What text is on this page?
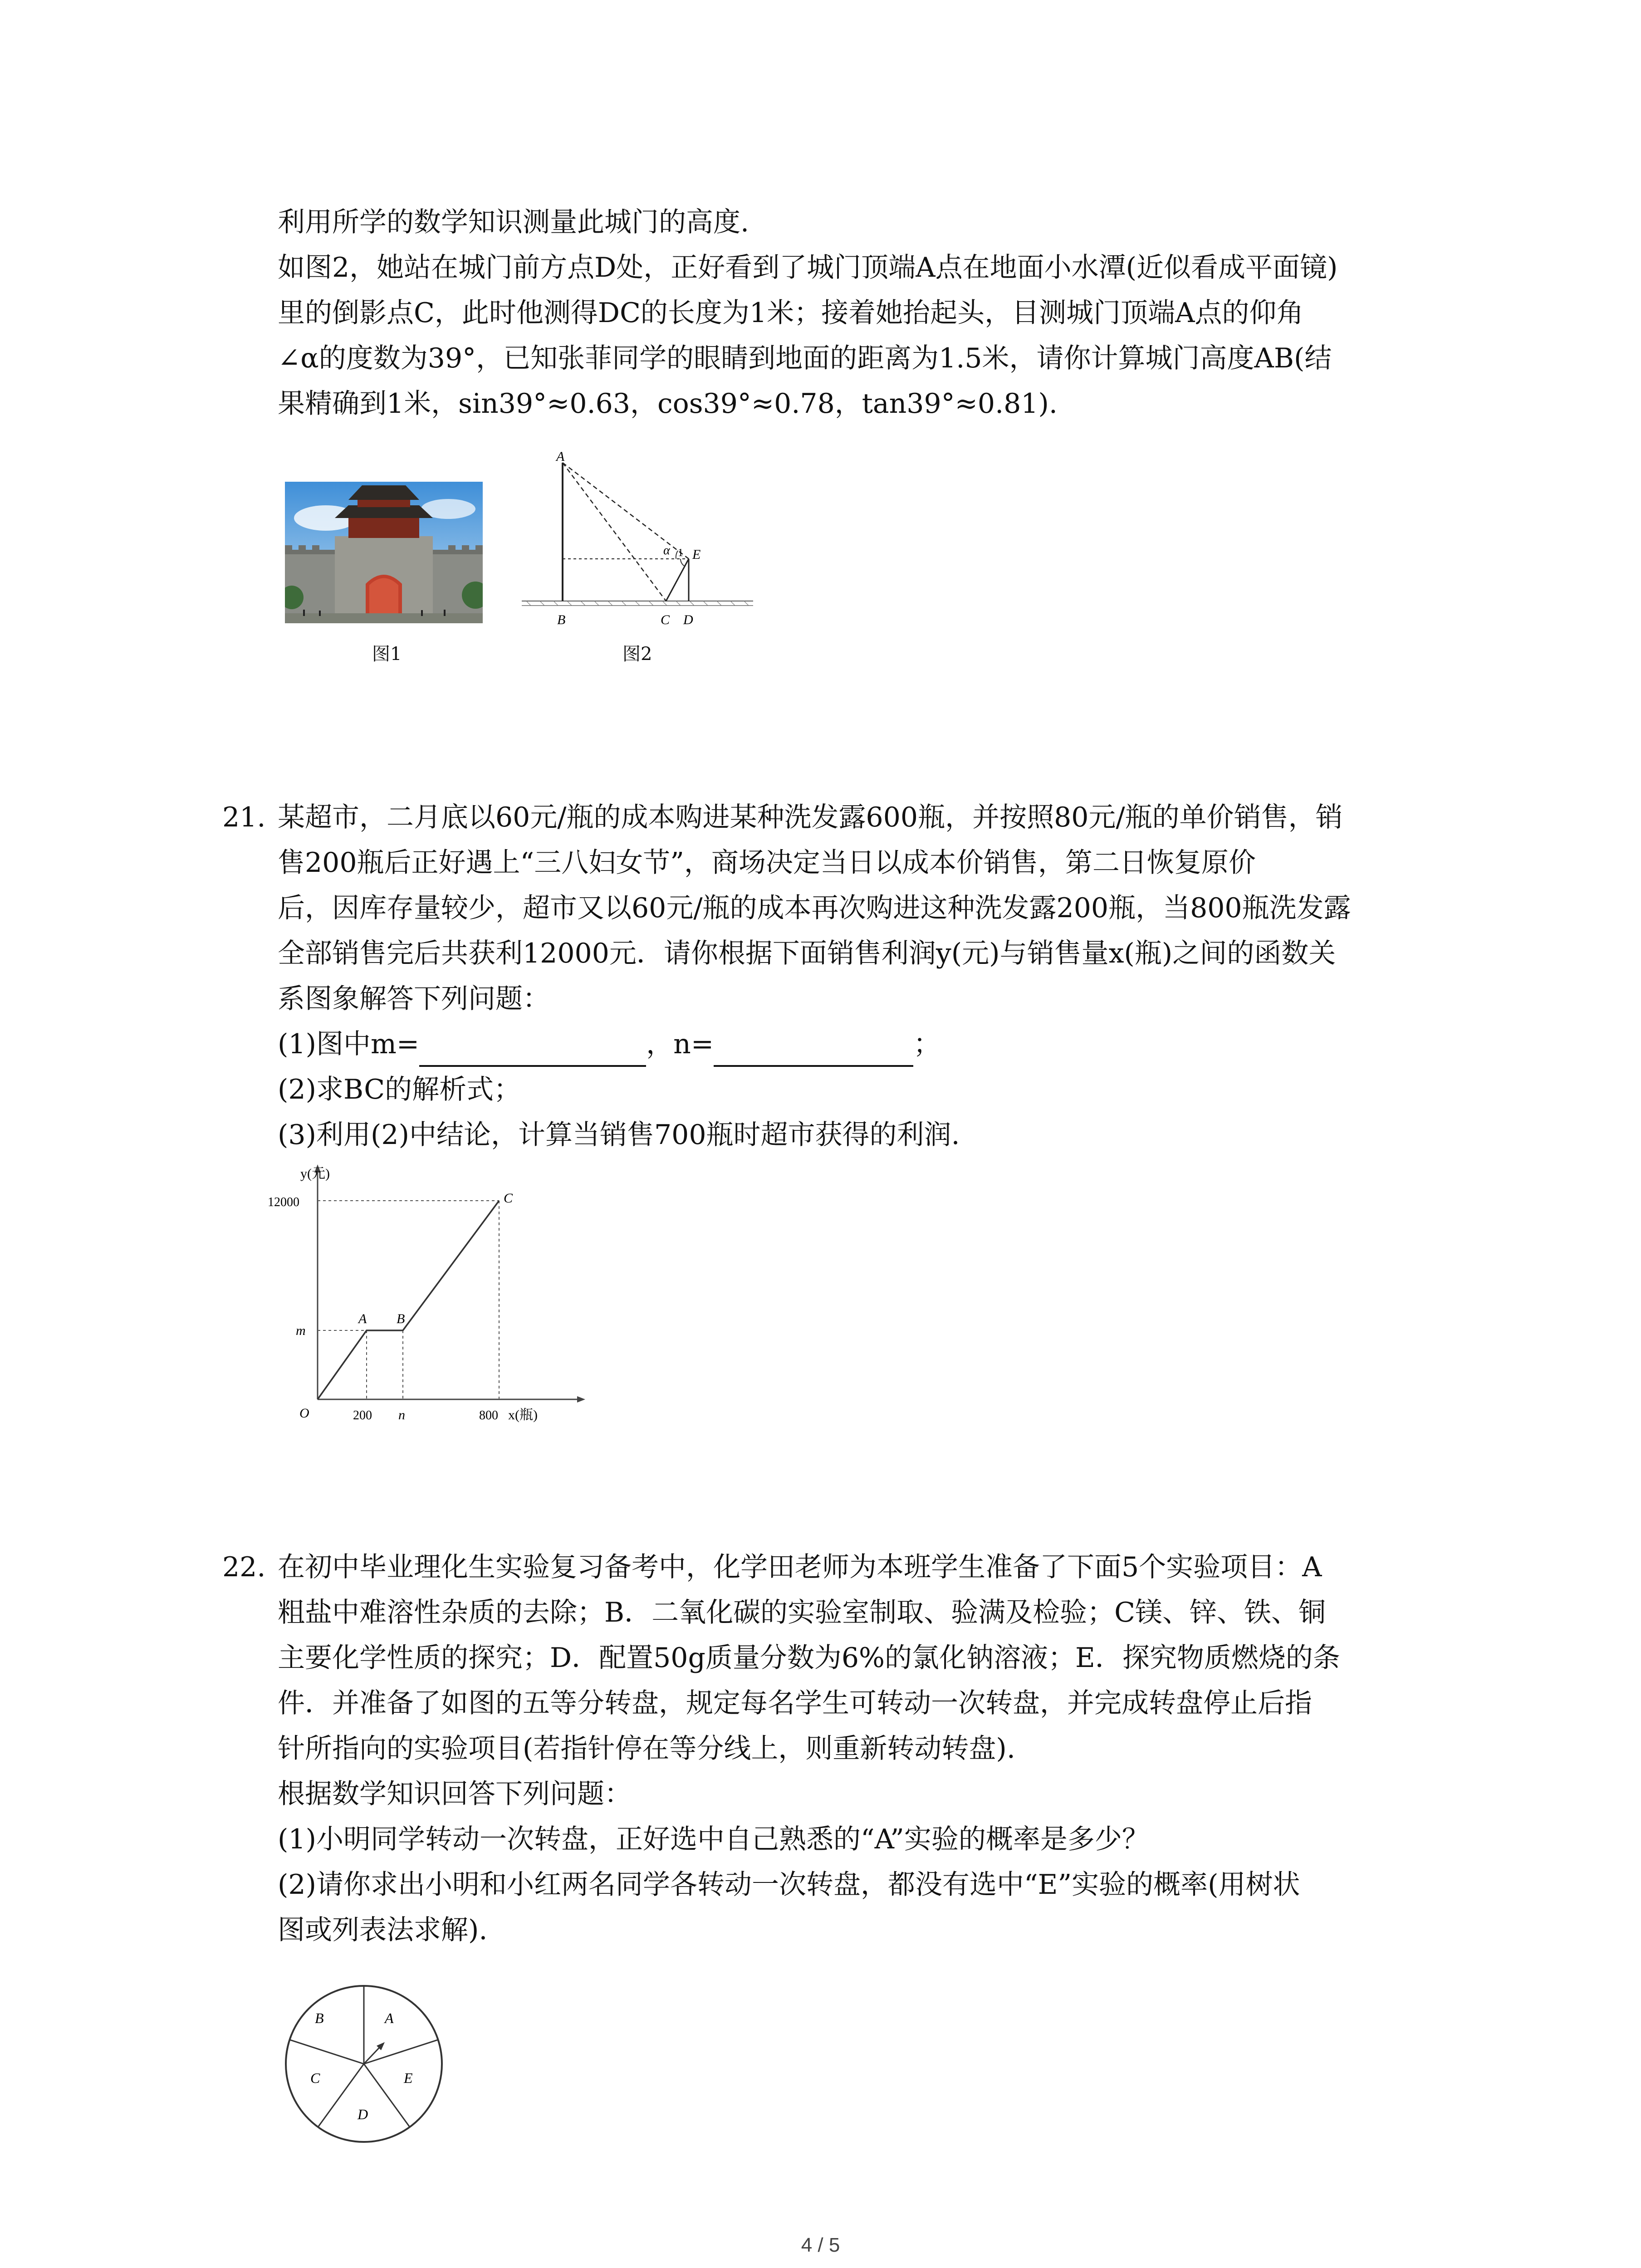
利用所学的数学知识测量此城门的高度.
如图2，她站在城门前方点D处，正好看到了城门顶端A点在地面小水潭(近似看成平面镜)
里的倒影点C，此时他测得DC的长度为1米；接着她抬起头，目测城门顶端A点的仰角
∠α的度数为39°，已知张菲同学的眼睛到地面的距离为1.5米，请你计算城门高度AB(结
果精确到1米，sin39°≈0.63，cos39°≈0.78，tan39°≈0.81).
图1
A
B	C D
E
α 1
图2
21. 某超市，二月底以60元/瓶的成本购进某种洗发露600瓶，并按照80元/瓶的单价销售，销
售200瓶后正好遇上“三八妇女节”，商场决定当日以成本价销售，第二日恢复原价
后，因库存量较少，超市又以60元/瓶的成本再次购进这种洗发露200瓶，当800瓶洗发露
全部销售完后共获利12000元．请你根据下面销售利润y(元)与销售量x(瓶)之间的函数关
系图象解答下列问题：
(1)图中m=	，n=	；
(2)求BC的解析式；
(3)利用(2)中结论，计算当销售700瓶时超市获得的利润.
y(元)
12000
m
O	200 n	800 x(瓶)
A B
C
22. 在初中毕业理化生实验复习备考中，化学田老师为本班学生准备了下面5个实验项目：A
粗盐中难溶性杂质的去除；B．二氧化碳的实验室制取、验满及检验；C镁、锌、铁、铜
主要化学性质的探究；D．配置50g质量分数为6%的氯化钠溶液；E．探究物质燃烧的条
件．并准备了如图的五等分转盘，规定每名学生可转动一次转盘，并完成转盘停止后指
针所指向的实验项目(若指针停在等分线上，则重新转动转盘).
根据数学知识回答下列问题：
(1)小明同学转动一次转盘，正好选中自己熟悉的“A”实验的概率是多少？
(2)请你求出小明和小红两名同学各转动一次转盘，都没有选中“E”实验的概率(用树状
图或列表法求解).
A
E
D
C
B
4 / 5
